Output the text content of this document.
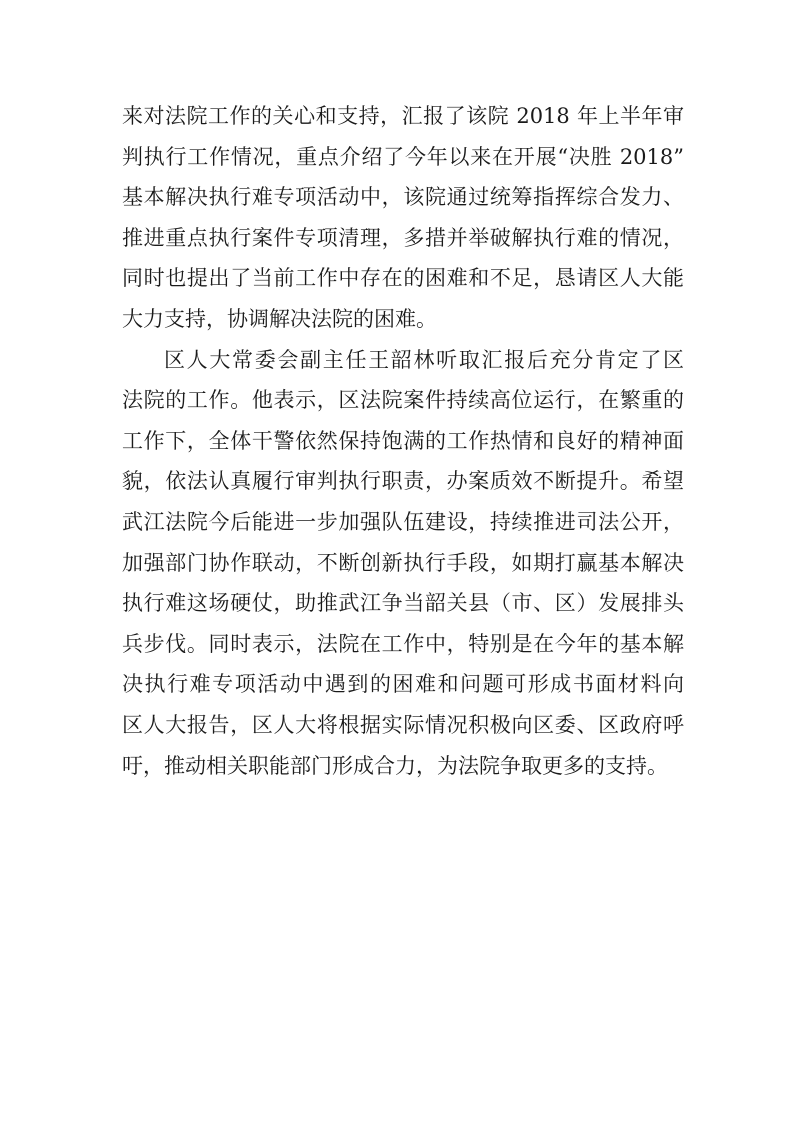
来对法院工作的关心和支持，汇报了该院 2018 年上半年审
判执行工作情况，重点介绍了今年以来在开展“决胜 2018”
基本解决执行难专项活动中，该院通过统筹指挥综合发力、
推进重点执行案件专项清理，多措并举破解执行难的情况，
同时也提出了当前工作中存在的困难和不足，恳请区人大能
大力支持，协调解决法院的困难。
区人大常委会副主任王韶林听取汇报后充分肯定了区
法院的工作。他表示，区法院案件持续高位运行，在繁重的
工作下，全体干警依然保持饱满的工作热情和良好的精神面
貌，依法认真履行审判执行职责，办案质效不断提升。希望
武江法院今后能进一步加强队伍建设，持续推进司法公开，
加强部门协作联动，不断创新执行手段，如期打赢基本解决
执行难这场硬仗，助推武江争当韶关县（市、区）发展排头
兵步伐。同时表示，法院在工作中，特别是在今年的基本解
决执行难专项活动中遇到的困难和问题可形成书面材料向
区人大报告，区人大将根据实际情况积极向区委、区政府呼
吁，推动相关职能部门形成合力，为法院争取更多的支持。
